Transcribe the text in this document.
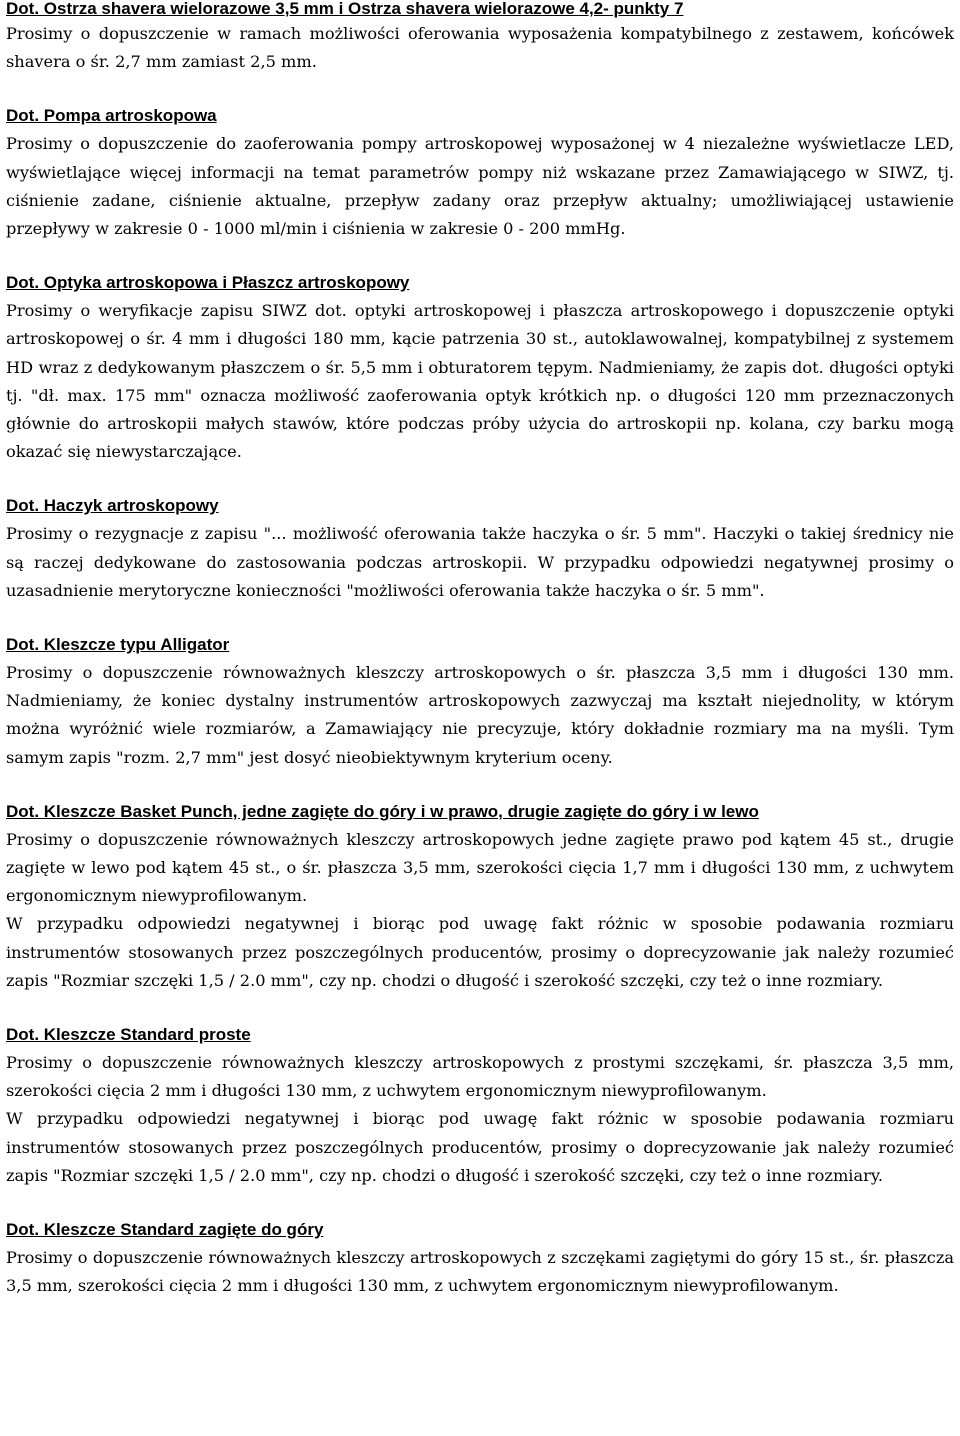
Dot. Ostrza shavera wielorazowe 3,5 mm i Ostrza shavera wielorazowe 4,2- punkty 7

Prosimy o dopuszczenie w ramach możliwości oferowania wyposażenia kompatybilnego z zestawem, końcówek shavera o śr. 2,7 mm zamiast 2,5 mm.

Dot. Pompa artroskopowa

Prosimy o dopuszczenie do zaoferowania pompy artroskopowej wyposażonej w 4 niezależne wyświetlacze LED, wyświetlające więcej informacji na temat parametrów pompy niż wskazane przez Zamawiającego w SIWZ, tj. ciśnienie zadane, ciśnienie aktualne, przepływ zadany oraz przepływ aktualny; umożliwiającej ustawienie przepływy w zakresie 0 - 1000 ml/min i ciśnienia w zakresie 0 - 200 mmHg.

Dot. Optyka artroskopowa i Płaszcz artroskopowy

Prosimy o weryfikacje zapisu SIWZ dot. optyki artroskopowej i płaszcza artroskopowego i dopuszczenie optyki artroskopowej o śr. 4 mm i długości 180 mm, kącie patrzenia 30 st., autoklawowalnej, kompatybilnej z systemem HD wraz z dedykowanym płaszczem o śr. 5,5 mm i obturatorem tępym. Nadmieniamy, że zapis dot. długości optyki tj. "dł. max. 175 mm" oznacza możliwość zaoferowania optyk krótkich np. o długości 120 mm przeznaczonych głównie do artroskopii małych stawów, które podczas próby użycia do artroskopii np. kolana, czy barku mogą okazać się niewystarczające.

Dot. Haczyk artroskopowy

Prosimy o rezygnacje z zapisu "... możliwość oferowania także haczyka o śr. 5 mm". Haczyki o takiej średnicy nie są raczej dedykowane do zastosowania podczas artroskopii. W przypadku odpowiedzi negatywnej prosimy o uzasadnienie merytoryczne konieczności "możliwości oferowania także haczyka o śr. 5 mm".

Dot. Kleszcze typu Alligator

Prosimy o dopuszczenie równoważnych kleszczy artroskopowych o śr. płaszcza 3,5 mm i długości 130 mm. Nadmieniamy, że koniec dystalny instrumentów artroskopowych zazwyczaj ma kształt niejednolity, w którym można wyróżnić wiele rozmiarów, a Zamawiający nie precyzuje, który dokładnie rozmiary ma na myśli. Tym samym zapis "rozm. 2,7 mm" jest dosyć nieobiektywnym kryterium oceny.

Dot. Kleszcze Basket Punch, jedne zagięte do góry i w prawo, drugie zagięte do góry i w lewo

Prosimy o dopuszczenie równoważnych kleszczy artroskopowych jedne zagięte prawo pod kątem 45 st., drugie zagięte w lewo pod kątem 45 st., o śr. płaszcza 3,5 mm, szerokości cięcia 1,7 mm i długości 130 mm, z uchwytem ergonomicznym niewyprofilowanym.

W przypadku odpowiedzi negatywnej i biorąc pod uwagę fakt różnic w sposobie podawania rozmiaru instrumentów stosowanych przez poszczególnych producentów, prosimy o doprecyzowanie jak należy rozumieć zapis "Rozmiar szczęki 1,5 / 2.0 mm", czy np. chodzi o długość i szerokość szczęki, czy też o inne rozmiary.

Dot. Kleszcze Standard proste

Prosimy o dopuszczenie równoważnych kleszczy artroskopowych z prostymi szczękami, śr. płaszcza 3,5 mm, szerokości cięcia 2 mm i długości 130 mm, z uchwytem ergonomicznym niewyprofilowanym.

W przypadku odpowiedzi negatywnej i biorąc pod uwagę fakt różnic w sposobie podawania rozmiaru instrumentów stosowanych przez poszczególnych producentów, prosimy o doprecyzowanie jak należy rozumieć zapis "Rozmiar szczęki 1,5 / 2.0 mm", czy np. chodzi o długość i szerokość szczęki, czy też o inne rozmiary.

Dot. Kleszcze Standard zagięte do góry

Prosimy o dopuszczenie równoważnych kleszczy artroskopowych z szczękami zagiętymi do góry 15 st., śr. płaszcza 3,5 mm, szerokości cięcia 2 mm i długości 130 mm, z uchwytem ergonomicznym niewyprofilowanym.
